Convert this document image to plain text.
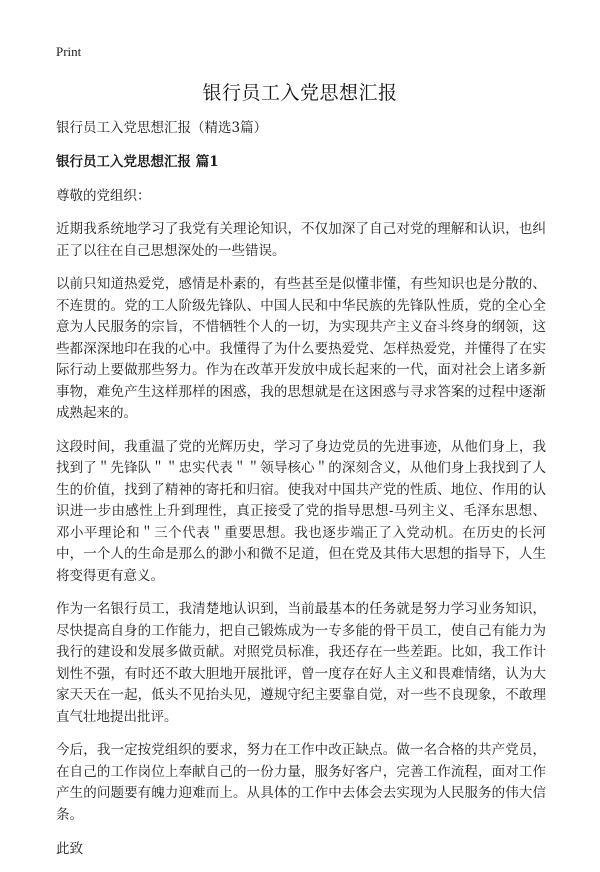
Print
银行员工入党思想汇报

银行员工入党思想汇报（精选3篇）

银行员工入党思想汇报 篇1

尊敬的党组织：

近期我系统地学习了我党有关理论知识，不仅加深了自己对党的理解和认识，也纠正了以往在自己思想深处的一些错误。

以前只知道热爱党，感情是朴素的，有些甚至是似懂非懂，有些知识也是分散的、不连贯的。党的工人阶级先锋队、中国人民和中华民族的先锋队性质，党的全心全意为人民服务的宗旨，不惜牺牲个人的一切，为实现共产主义奋斗终身的纲领，这些都深深地印在我的心中。我懂得了为什么要热爱党、怎样热爱党，并懂得了在实际行动上要做那些努力。作为在改革开发放中成长起来的一代，面对社会上诸多新事物，难免产生这样那样的困惑，我的思想就是在这困惑与寻求答案的过程中逐渐成熟起来的。

这段时间，我重温了党的光辉历史，学习了身边党员的先进事迹，从他们身上，我找到了＂先锋队＂＂忠实代表＂＂领导核心＂的深刻含义，从他们身上我找到了人生的价值，找到了精神的寄托和归宿。使我对中国共产党的性质、地位、作用的认识进一步由感性上升到理性，真正接受了党的指导思想-马列主义、毛泽东思想、邓小平理论和＂三个代表＂重要思想。我也逐步端正了入党动机。在历史的长河中，一个人的生命是那么的渺小和微不足道，但在党及其伟大思想的指导下，人生将变得更有意义。

作为一名银行员工，我清楚地认识到，当前最基本的任务就是努力学习业务知识，尽快提高自身的工作能力，把自己锻炼成为一专多能的骨干员工，使自己有能力为我行的建设和发展多做贡献。对照党员标准，我还存在一些差距。比如，我工作计划性不强，有时还不敢大胆地开展批评，曾一度存在好人主义和畏难情绪，认为大家天天在一起，低头不见抬头见，遵规守纪主要靠自觉，对一些不良现象，不敢理直气壮地提出批评。

今后，我一定按党组织的要求，努力在工作中改正缺点。做一名合格的共产党员，在自己的工作岗位上奉献自己的一份力量，服务好客户，完善工作流程，面对工作产生的问题要有魄力迎难而上。从具体的工作中去体会去实现为人民服务的伟大信条。

此致
